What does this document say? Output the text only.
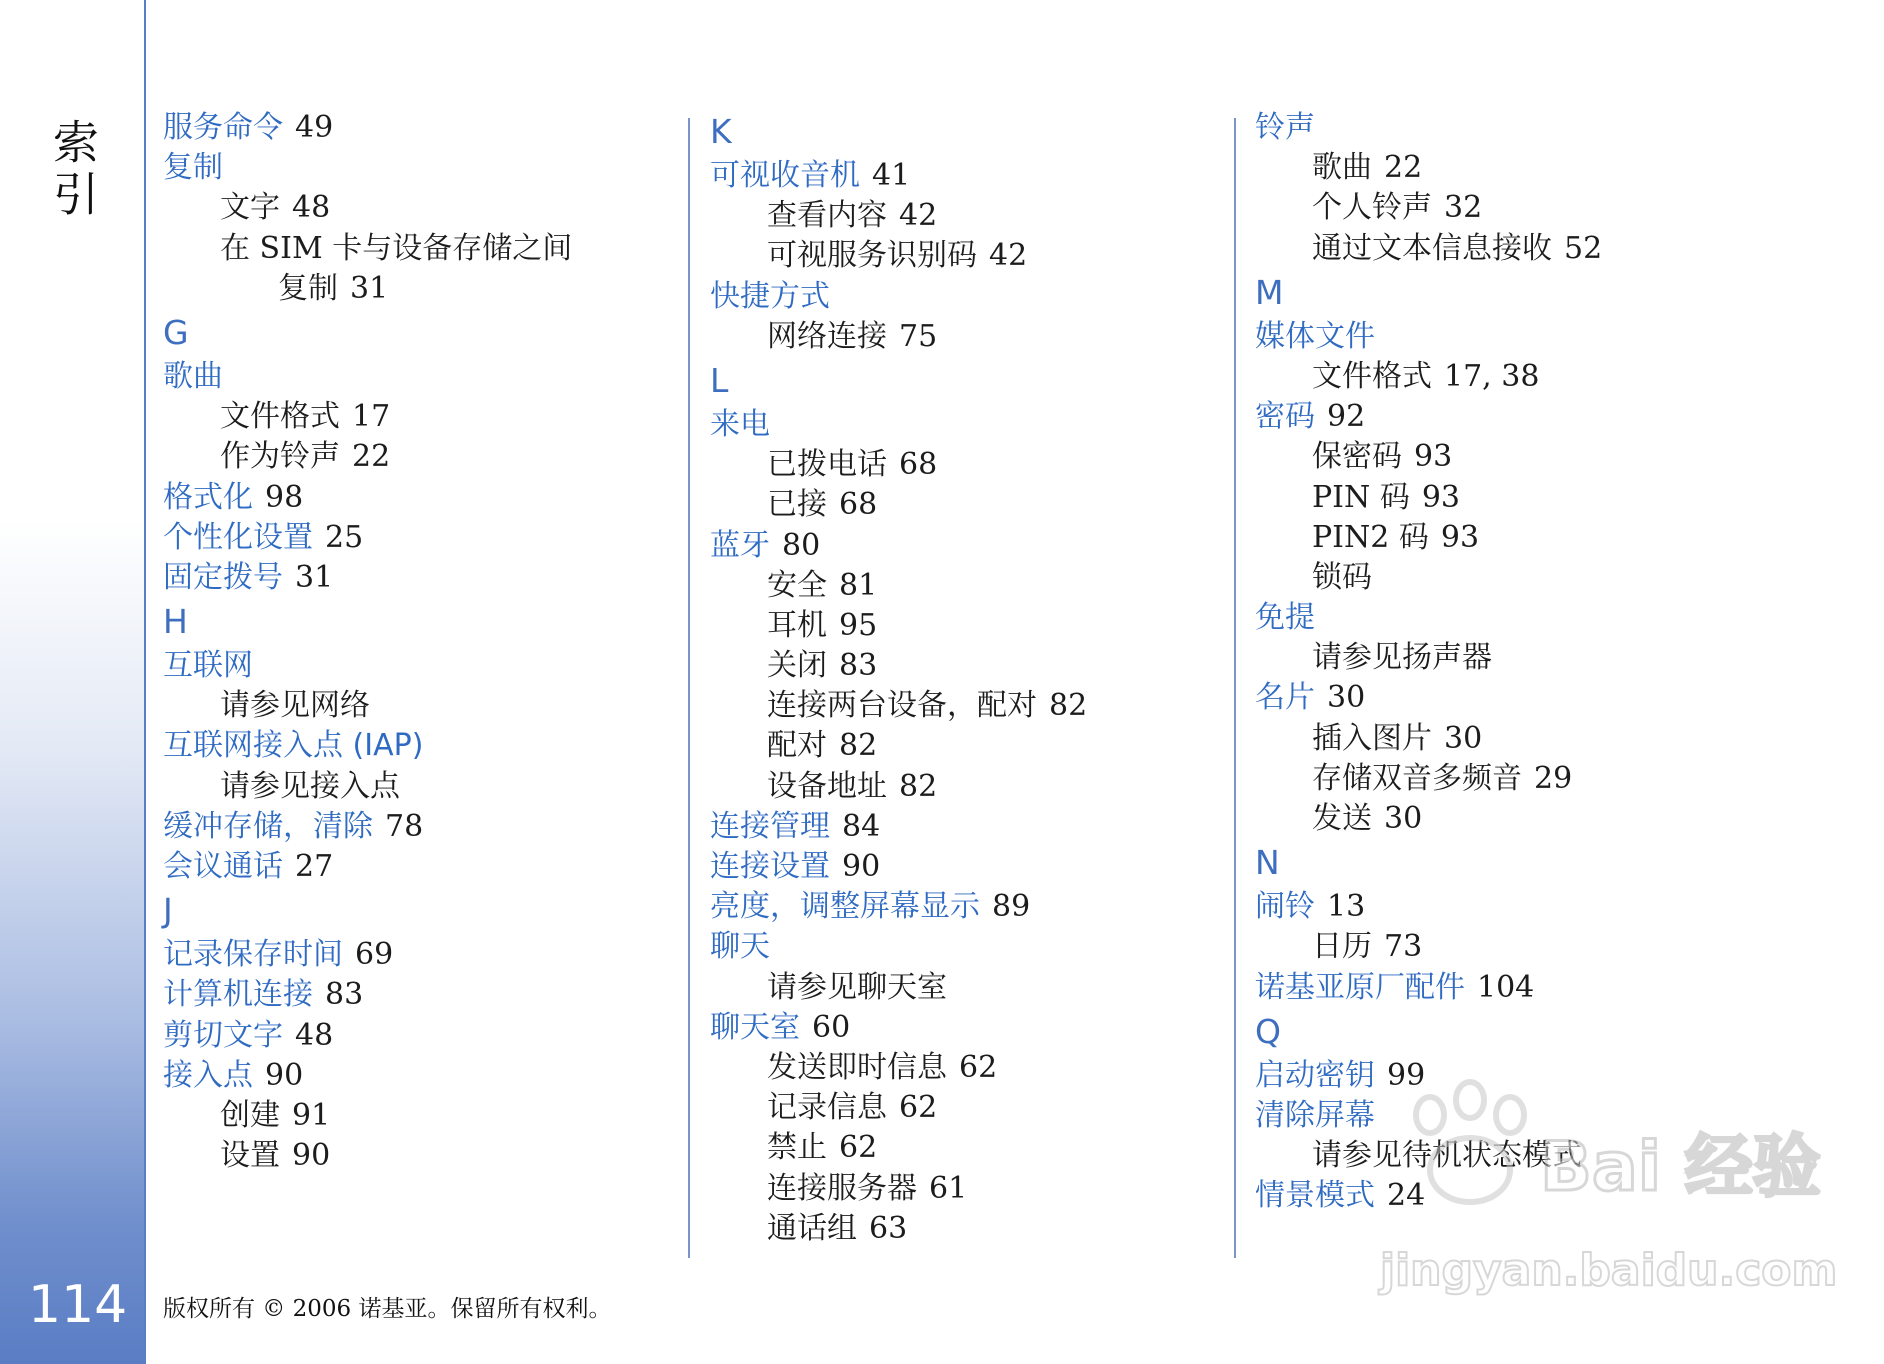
索引
114
服务命令 49
复制
文字 48
在 SIM 卡与设备存储之间
复制 31
G
歌曲
文件格式 17
作为铃声 22
格式化 98
个性化设置 25
固定拨号 31
H
互联网
请参见网络
互联网接入点 (IAP)
请参见接入点
缓冲存储，清除 78
会议通话 27
J
记录保存时间 69
计算机连接 83
剪切文字 48
接入点 90
创建 91
设置 90
K
可视收音机 41
查看内容 42
可视服务识别码 42
快捷方式
网络连接 75
L
来电
已拨电话 68
已接 68
蓝牙 80
安全 81
耳机 95
关闭 83
连接两台设备，配对 82
配对 82
设备地址 82
连接管理 84
连接设置 90
亮度，调整屏幕显示 89
聊天
请参见聊天室
聊天室 60
发送即时信息 62
记录信息 62
禁止 62
连接服务器 61
通话组 63
铃声
歌曲 22
个人铃声 32
通过文本信息接收 52
M
媒体文件
文件格式 17, 38
密码 92
保密码 93
PIN 码 93
PIN2 码 93
锁码
免提
请参见扬声器
名片 30
插入图片 30
存储双音多频音 29
发送 30
N
闹铃 13
日历 73
诺基亚原厂配件 104
Q
启动密钥 99
清除屏幕
请参见待机状态模式
情景模式 24
版权所有 © 2006 诺基亚。保留所有权利。
Bai 经验
jingyan.baidu.com
